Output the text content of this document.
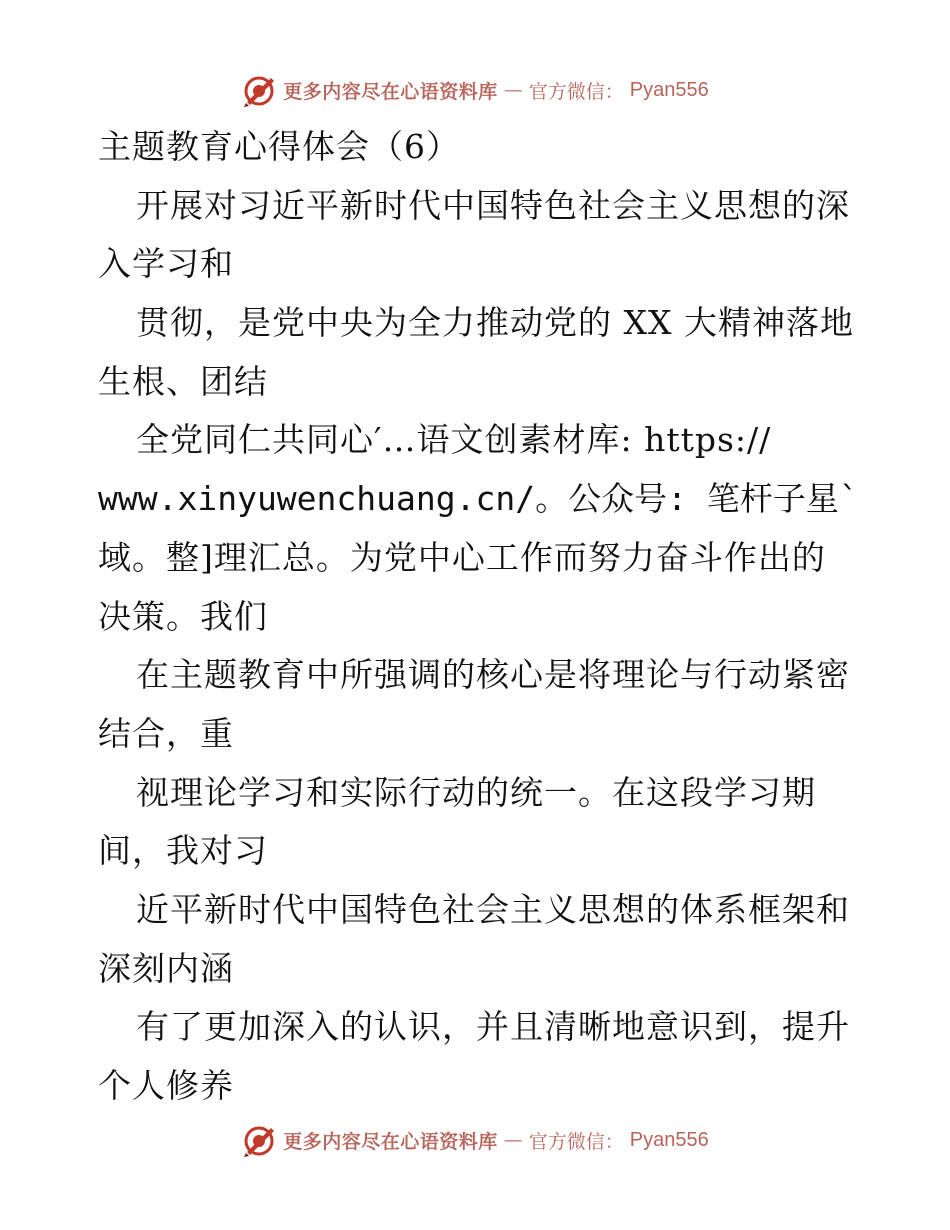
更多内容尽在心语资料库 — 官方微信： Pyan556
主题教育心得体会（6）
开展对习近平新时代中国特色社会主义思想的深
入学习和
贯彻，是党中央为全力推动党的 XX 大精神落地
生根、团结
全党同仁共同心′…语文创素材库: https://
www.xinyuwenchuang.cn/。公众号: 笔杆子星`
域。整]理汇总。为党中心工作而努力奋斗作出的
决策。我们
在主题教育中所强调的核心是将理论与行动紧密
结合，重
视理论学习和实际行动的统一。在这段学习期
间，我对习
近平新时代中国特色社会主义思想的体系框架和
深刻内涵
有了更加深入的认识，并且清晰地意识到，提升
个人修养
更多内容尽在心语资料库 — 官方微信： Pyan556
